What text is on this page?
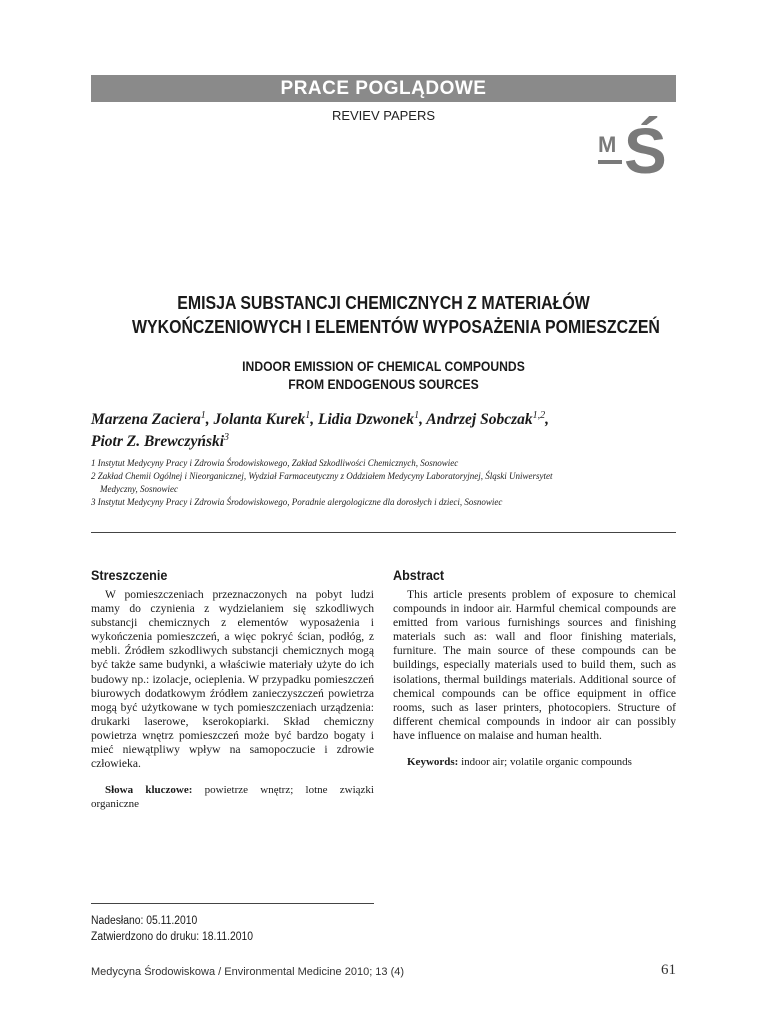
PRACE POGLĄDOWE
REVIEV PAPERS
M Ś
EMISJA SUBSTANCJI CHEMICZNYCH Z MATERIAŁÓW
WYKOŃCZENIOWYCH I ELEMENTÓW WYPOSAŻENIA POMIESZCZEŃ
INDOOR EMISSION OF CHEMICAL COMPOUNDS
FROM ENDOGENOUS SOURCES
Marzena Zaciera$^1$, Jolanta Kurek$^1$, Lidia Dzwonek$^1$, Andrzej Sobczak$^{1,2}$,
Piotr Z. Brewczyński$^3$
1 Instytut Medycyny Pracy i Zdrowia Środowiskowego, Zakład Szkodliwości Chemicznych, Sosnowiec
2 Zakład Chemii Ogólnej i Nieorganicznej, Wydział Farmaceutyczny z Oddziałem Medycyny Laboratoryjnej, Śląski Uniwersytet
Medyczny, Sosnowiec
3 Instytut Medycyny Pracy i Zdrowia Środowiskowego, Poradnie alergologiczne dla dorosłych i dzieci, Sosnowiec
Streszczenie

W pomieszczeniach przeznaczonych na pobyt ludzi mamy do czynienia z wydzielaniem się szkodliwych substancji chemicznych z elementów wyposażenia i wykończenia pomieszczeń, a więc pokryć ścian, podłóg, z mebli. Źródłem szkodliwych substancji chemicznych mogą być także same budynki, a właściwie materiały użyte do ich budowy np.: izolacje, ocieplenia. W przypadku pomieszczeń biurowych dodatkowym źródłem zanieczyszczeń powietrza mogą być użytkowane w tych pomieszczeniach urządzenia: drukarki laserowe, kserokopiarki. Skład chemiczny powietrza wnętrz pomieszczeń może być bardzo bogaty i mieć niewątpliwy wpływ na samopoczucie i zdrowie człowieka.

Słowa kluczowe: powietrze wnętrz; lotne związki organiczne

Abstract

This article presents problem of exposure to chemical compounds in indoor air. Harmful chemical compounds are emitted from various furnishings sources and finishing materials such as: wall and floor finishing materials, furniture. The main source of these compounds can be buildings, especially materials used to build them, such as isolations, thermal buildings materials. Additional source of chemical compounds can be office equipment in office rooms, such as laser printers, photocopiers. Structure of different chemical compounds in indoor air can possibly have influence on malaise and human health.

Keywords: indoor air; volatile organic compounds

Nadesłano: 05.11.2010
Zatwierdzono do druku: 18.11.2010
Medycyna Środowiskowa / Environmental Medicine 2010; 13 (4)	61
